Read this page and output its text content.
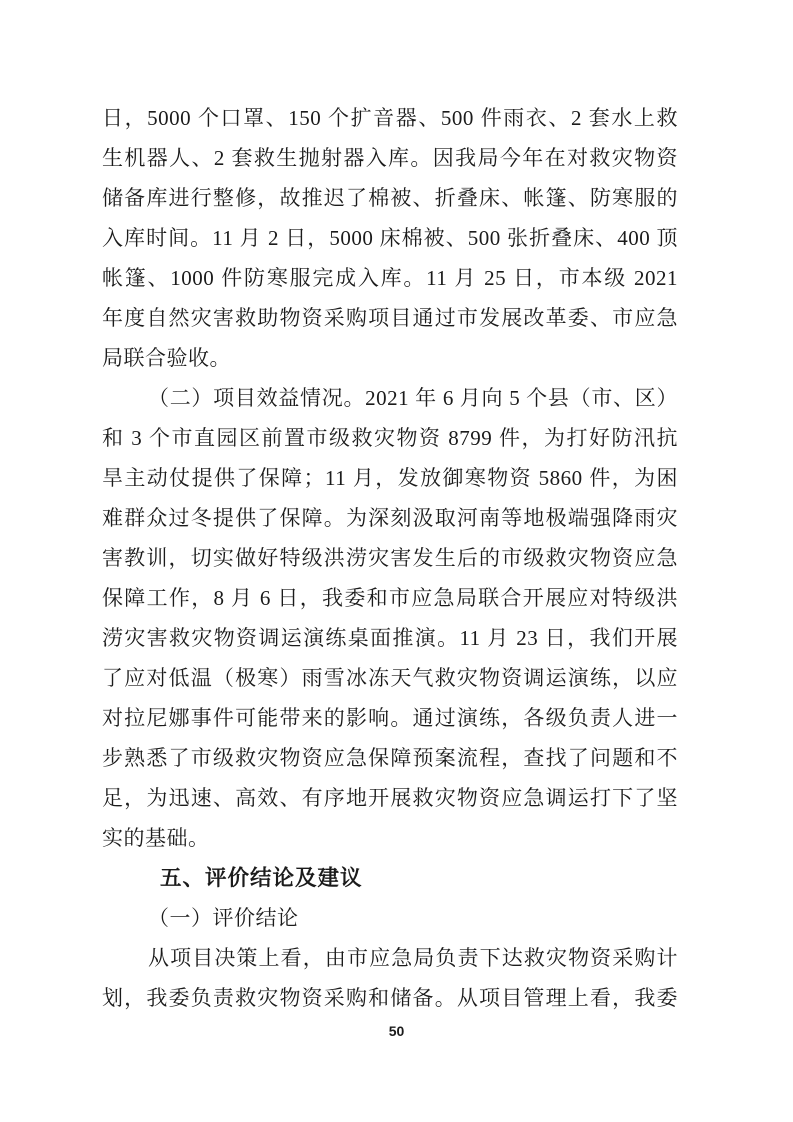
日，5000 个口罩、150 个扩音器、500 件雨衣、2 套水上救
生机器人、2 套救生抛射器入库。因我局今年在对救灾物资
储备库进行整修，故推迟了棉被、折叠床、帐篷、防寒服的
入库时间。11 月 2 日，5000 床棉被、500 张折叠床、400 顶
帐篷、1000 件防寒服完成入库。11 月 25 日，市本级 2021
年度自然灾害救助物资采购项目通过市发展改革委、市应急
局联合验收。
（二）项目效益情况。2021 年 6 月向 5 个县（市、区）
和 3 个市直园区前置市级救灾物资 8799 件，为打好防汛抗
旱主动仗提供了保障；11 月，发放御寒物资 5860 件，为困
难群众过冬提供了保障。为深刻汲取河南等地极端强降雨灾
害教训，切实做好特级洪涝灾害发生后的市级救灾物资应急
保障工作，8 月 6 日，我委和市应急局联合开展应对特级洪
涝灾害救灾物资调运演练桌面推演。11 月 23 日，我们开展
了应对低温（极寒）雨雪冰冻天气救灾物资调运演练，以应
对拉尼娜事件可能带来的影响。通过演练，各级负责人进一
步熟悉了市级救灾物资应急保障预案流程，查找了问题和不
足，为迅速、高效、有序地开展救灾物资应急调运打下了坚
实的基础。
五、评价结论及建议
（一）评价结论
从项目决策上看，由市应急局负责下达救灾物资采购计
划，我委负责救灾物资采购和储备。从项目管理上看，我委
50
